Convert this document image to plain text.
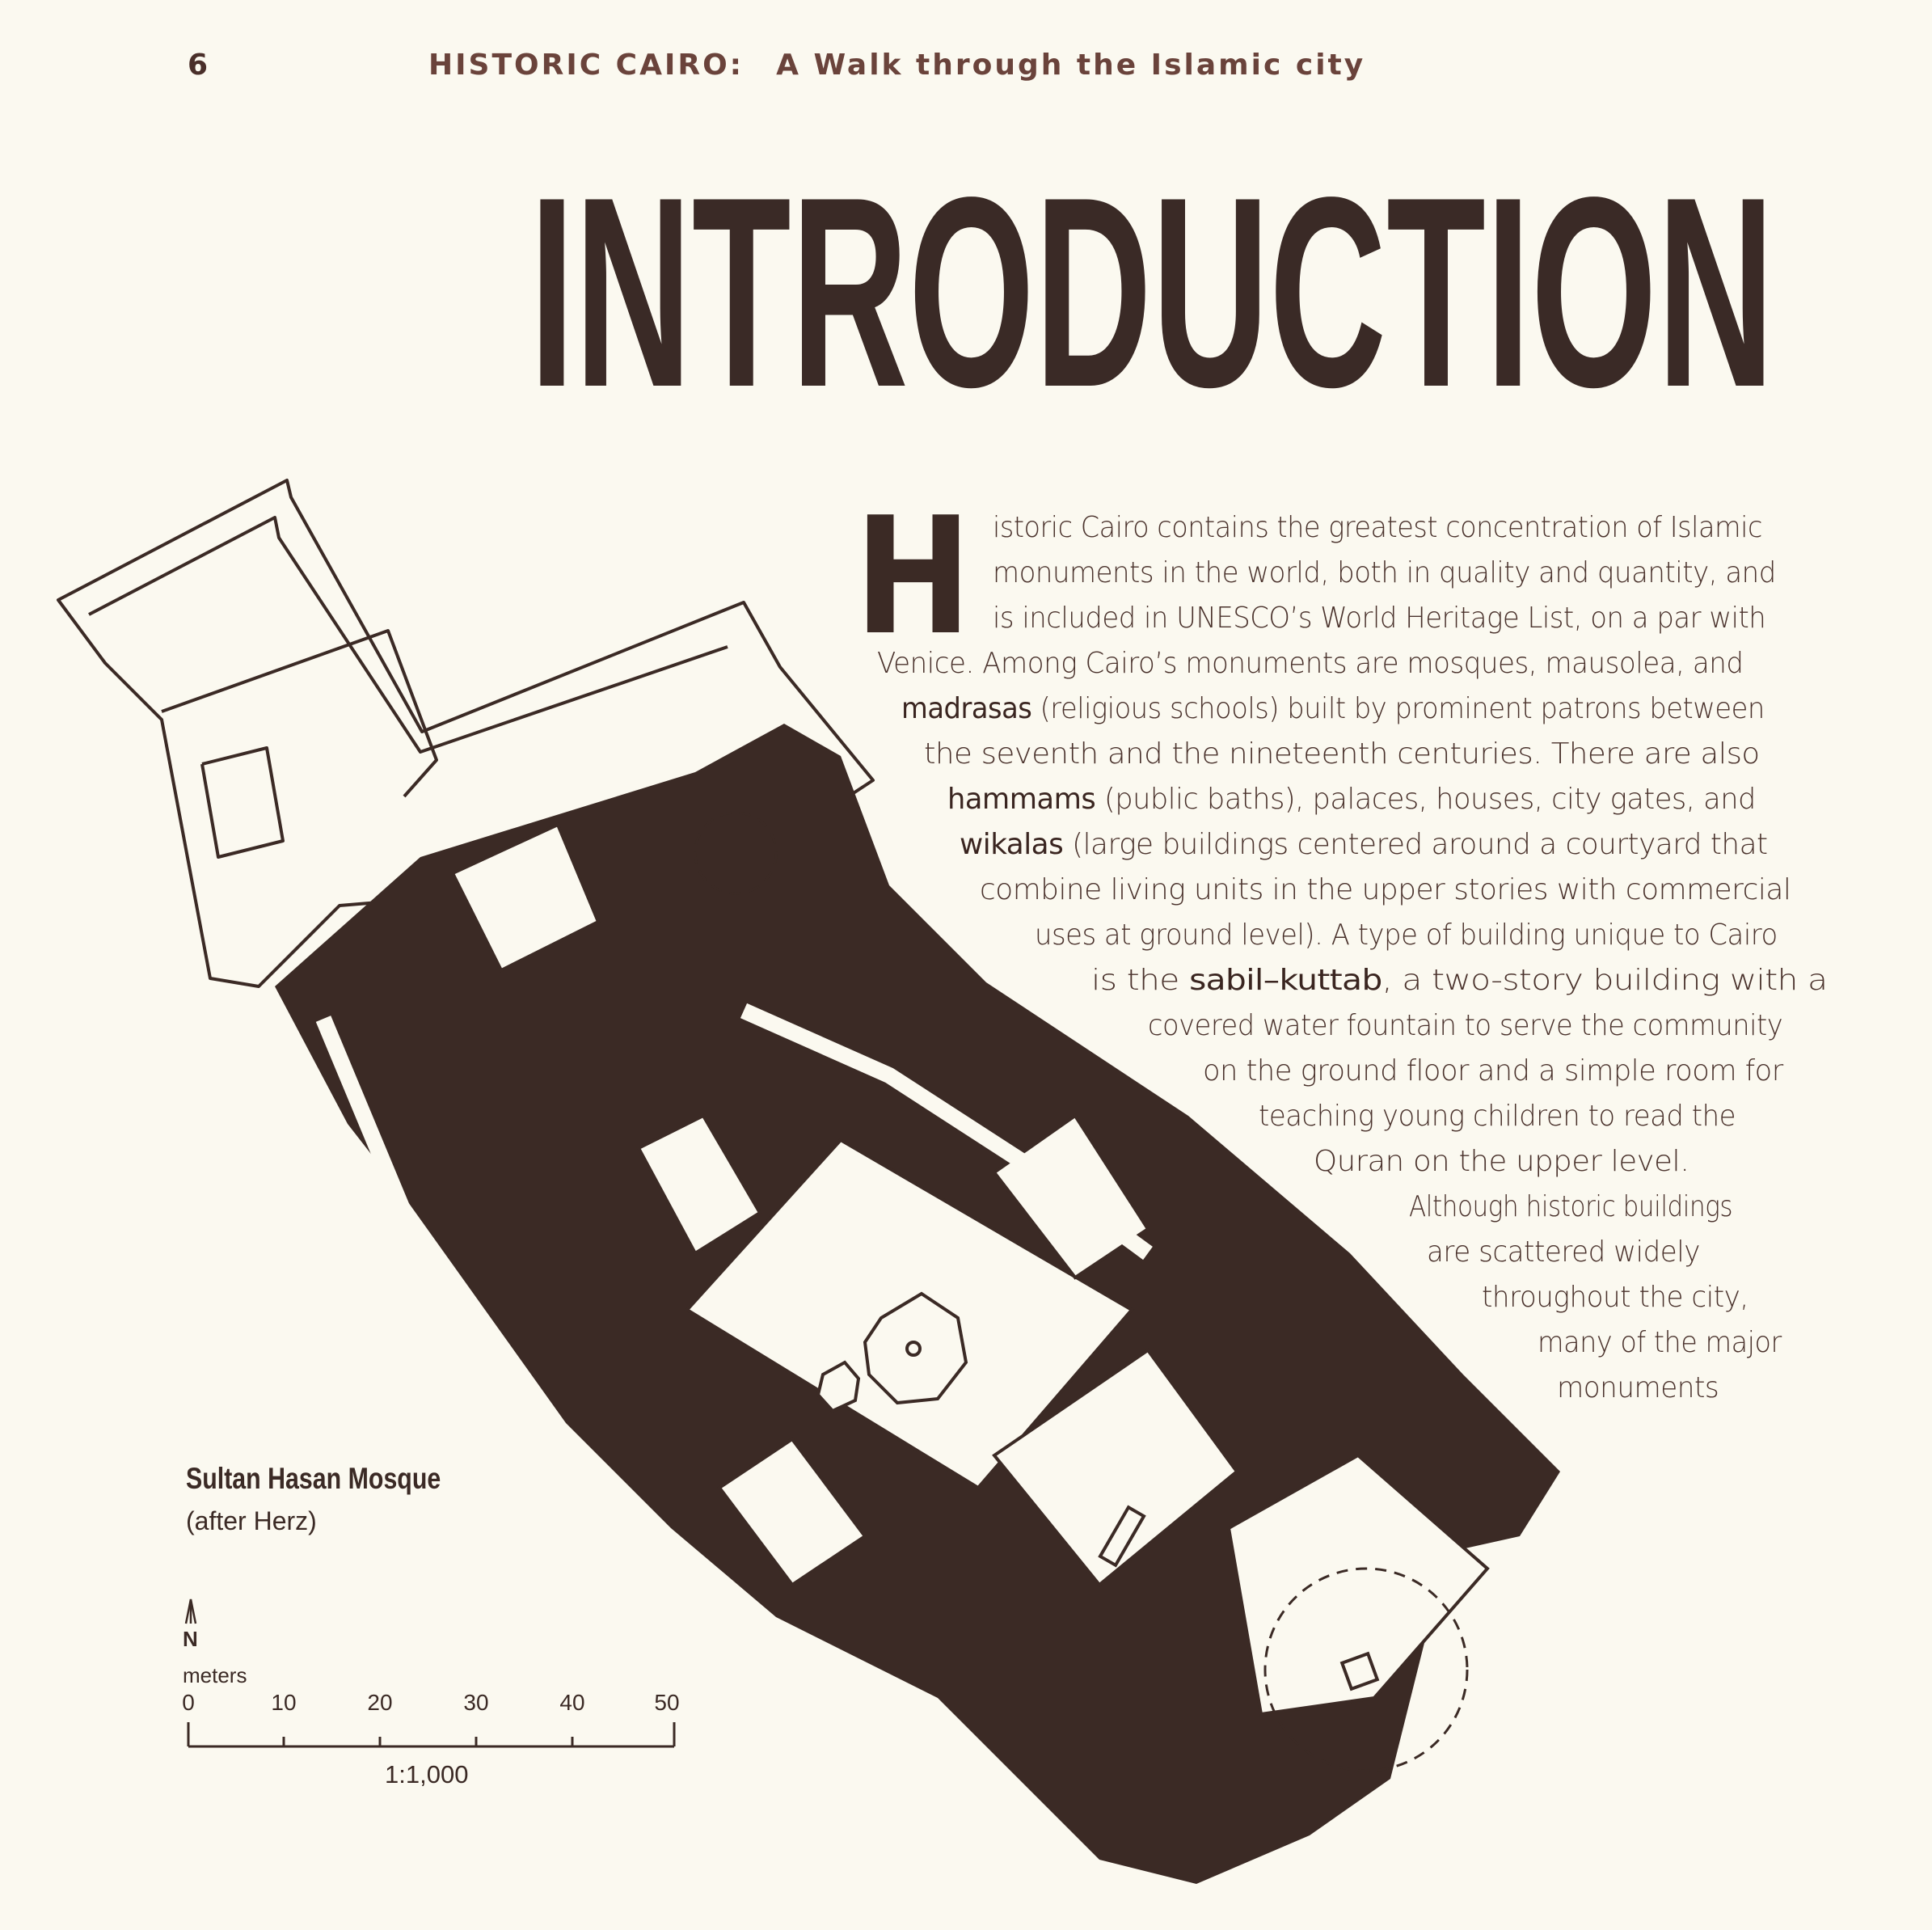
6	HISTORIC CAIRO: A Walk through the Islamic city
INTRODUCTION
H istoric Cairo contains the greatest concentration of Islamic
monuments in the world, both in quality and quantity, and
is included in UNESCO’s World Heritage List, on a par with
Venice. Among Cairo’s monuments are mosques, mausolea, and
madrasas (religious schools) built by prominent patrons between
the seventh and the nineteenth centuries. There are also
hammams (public baths), palaces, houses, city gates, and
wikalas (large buildings centered around a courtyard that
combine living units in the upper stories with commercial
uses at ground level). A type of building unique to Cairo
is the sabil–kuttab, a two-story building with a
covered water fountain to serve the community
on the ground floor and a simple room for
teaching young children to read the
Quran on the upper level.
Although historic buildings
are scattered widely
throughout the city,
many of the major
monuments
Sultan Hasan Mosque
(after Herz)
N
meters
0	10	20	30	40	50
1:1,000
